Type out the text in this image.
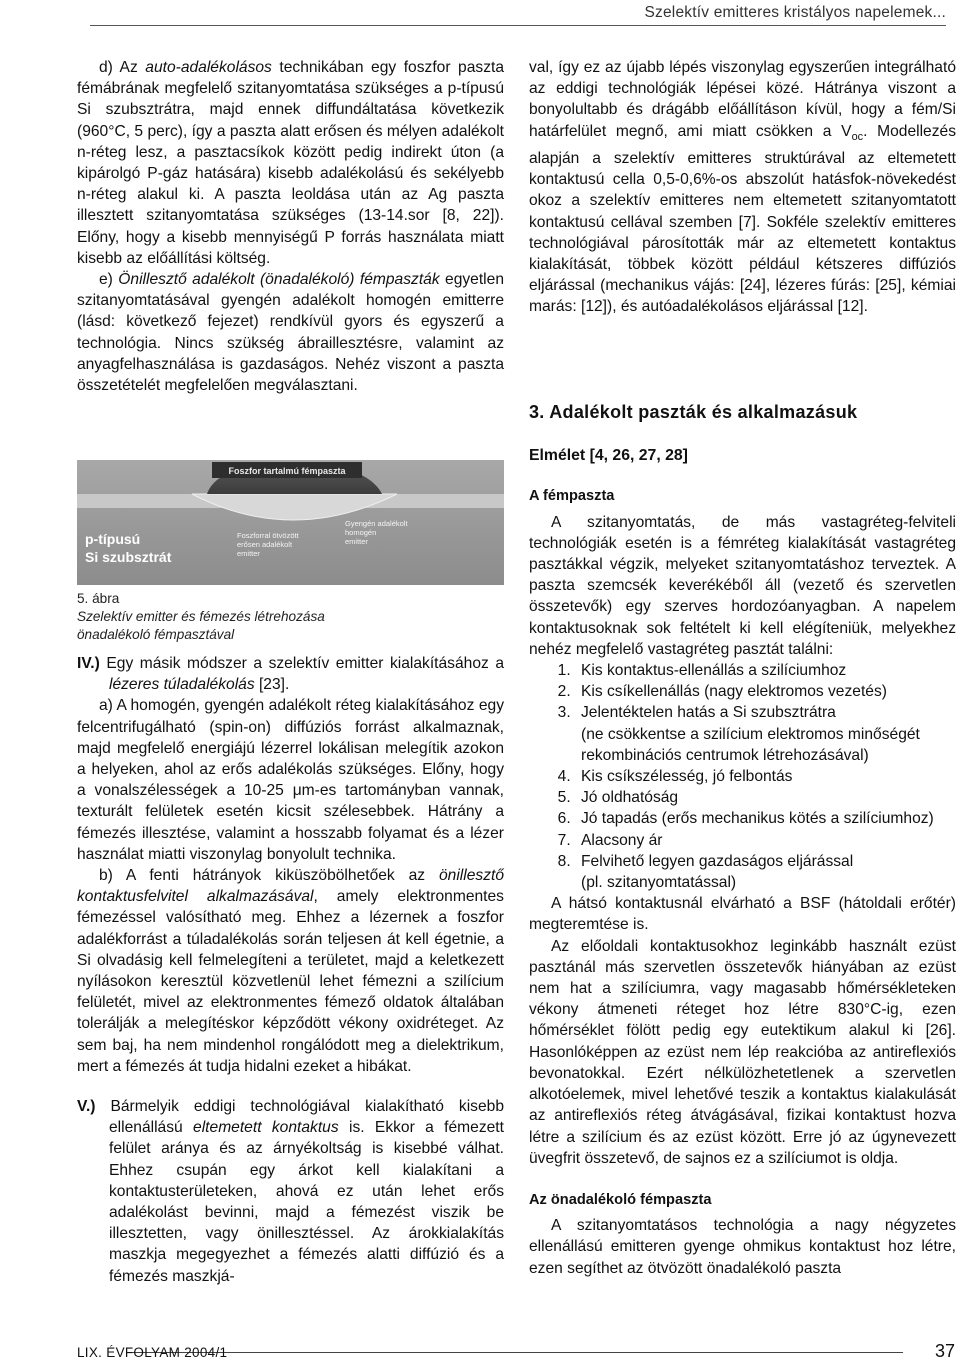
Szelektív emitteres kristályos napelemek...

d) Az auto-adalékolásos technikában egy foszfor paszta fémábrának megfelelő szitanyomtatása szükséges a p-típusú Si szubsztrátra, majd ennek diffundáltatása következik (960°C, 5 perc), így a paszta alatt erősen és mélyen adalékolt n-réteg lesz, a pasztacsíkok között pedig indirekt úton (a kipárolgó P-gáz hatására) kisebb adalékolású és sekélyebb n-réteg alakul ki. A paszta leoldása után az Ag paszta illesztett szitanyomtatása szükséges (13-14.sor [8, 22]). Előny, hogy a kisebb mennyiségű P forrás használata miatt kisebb az előállítási költség.

e) Önillesztő adalékolt (önadalékoló) fémpaszták egyetlen szitanyomtatásával gyengén adalékolt homogén emitterre (lásd: következő fejezet) rendkívül gyors és egyszerű a technológia. Nincs szükség ábraillesztésre, valamint az anyagfelhasználása is gazdaságos. Nehéz viszont a paszta összetételét megfelelően megválasztani.

Foszfor tartalmú fémpaszta
p-típusú
Si szubsztrát
Foszforral ötvözött
erősen adalékolt
emitter
Gyengén adalékolt
homogén
emitter
5. ábra
Szelektív emitter és fémezés létrehozása
önadalékoló fémpasztával

IV.) Egy másik módszer a szelektív emitter kialakításához a lézeres túladalékolás [23].

a) A homogén, gyengén adalékolt réteg kialakításához egy felcentrifugálható (spin-on) diffúziós forrást alkalmaznak, majd megfelelő energiájú lézerrel lokálisan melegítik azokon a helyeken, ahol az erős adalékolás szükséges. Előny, hogy a vonalszélességek a 10-25 μm-es tartományban vannak, texturált felületek esetén kicsit szélesebbek. Hátrány a fémezés illesztése, valamint a hosszabb folyamat és a lézer használat miatti viszonylag bonyolult technika.

b) A fenti hátrányok kiküszöbölhetőek az önillesztő kontaktusfelvitel alkalmazásával, amely elektronmentes fémezéssel valósítható meg. Ehhez a lézernek a foszfor adalékforrást a túladalékolás során teljesen át kell égetnie, a Si olvadásig kell felmelegíteni a területet, majd a keletkezett nyílásokon keresztül közvetlenül lehet fémezni a szilícium felületét, mivel az elektronmentes fémező oldatok általában tolerálják a melegítéskor képződött vékony oxidréteget. Az sem baj, ha nem mindenhol rongálódott meg a dielektrikum, mert a fémezés át tudja hidalni ezeket a hibákat.

V.) Bármelyik eddigi technológiával kialakítható kisebb ellenállású eltemetett kontaktus is. Ekkor a fémezett felület aránya és az árnyékoltság is kisebbé válhat. Ehhez csupán egy árkot kell kialakítani a kontaktusterületeken, ahová ez után lehet erős adalékolást bevinni, majd a fémezést viszik be illesztetten, vagy önillesztéssel. Az árokkialakítás maszkja megegyezhet a fémezés alatti diffúzió és a fémezés maszkjá-

val, így ez az újabb lépés viszonylag egyszerűen integrálható az eddigi technológiák lépései közé. Hátránya viszont a bonyolultabb és drágább előállításon kívül, hogy a fém/Si határfelület megnő, ami miatt csökken a $V_{oc}$. Modellezés alapján a szelektív emitteres struktúrával az eltemetett kontaktusú cella 0,5-0,6%-os abszolút hatásfok-növekedést okoz a szelektív emitteres nem eltemetett szitanyomtatott kontaktusú cellával szemben [7]. Sokféle szelektív emitteres technológiával párosították már az eltemetett kontaktus kialakítását, többek között például kétszeres diffúziós eljárással (mechanikus vájás: [24], lézeres fúrás: [25], kémiai marás: [12]), és autóadalékolásos eljárással [12].

3. Adalékolt paszták és alkalmazásuk
Elmélet [4, 26, 27, 28]
A fémpaszta

A szitanyomtatás, de más vastagréteg-felviteli technológiák esetén is a fémréteg kialakítását vastagréteg pasztákkal végzik, melyeket szitanyomtatáshoz terveztek. A paszta szemcsék keverékéből áll (vezető és szervetlen összetevők) egy szerves hordozóanyagban. A napelem kontaktusoknak sok feltételt ki kell elégíteniük, melyekhez nehéz megfelelő vastagréteg pasztát találni:

1. Kis kontaktus-ellenállás a szilíciumhoz
2. Kis csíkellenállás (nagy elektromos vezetés)
3. Jelentéktelen hatás a Si szubsztrátra
(ne csökkentse a szilícium elektromos minőségét
rekombinációs centrumok létrehozásával)
4. Kis csíkszélesség, jó felbontás
5. Jó oldhatóság
6. Jó tapadás (erős mechanikus kötés a szilíciumhoz)
7. Alacsony ár
8. Felvihető legyen gazdaságos eljárással
(pl. szitanyomtatással)

A hátsó kontaktusnál elvárható a BSF (hátoldali erőtér) megteremtése is.

Az előoldali kontaktusokhoz leginkább használt ezüst pasztánál más szervetlen összetevők hiányában az ezüst nem hat a szilíciumra, vagy magasabb hőmérsékleteken vékony átmeneti réteget hoz létre 830°C-ig, ezen hőmérséklet fölött pedig egy eutektikum alakul ki [26]. Hasonlóképpen az ezüst nem lép reakcióba az antireflexiós bevonatokkal. Ezért nélkülözhetetlenek a szervetlen alkotóelemek, mivel lehetővé teszik a kontaktus kialakulását az antireflexiós réteg átvágásával, fizikai kontaktust hozva létre a szilícium és az ezüst között. Erre jó az úgynevezett üvegfrit összetevő, de sajnos ez a szilíciumot is oldja.

Az önadalékoló fémpaszta

A szitanyomtatásos technológia a nagy négyzetes ellenállású emitteren gyenge ohmikus kontaktust hoz létre, ezen segíthet az ötvözött önadalékoló paszta

LIX. ÉVFOLYAM 2004/1	37
